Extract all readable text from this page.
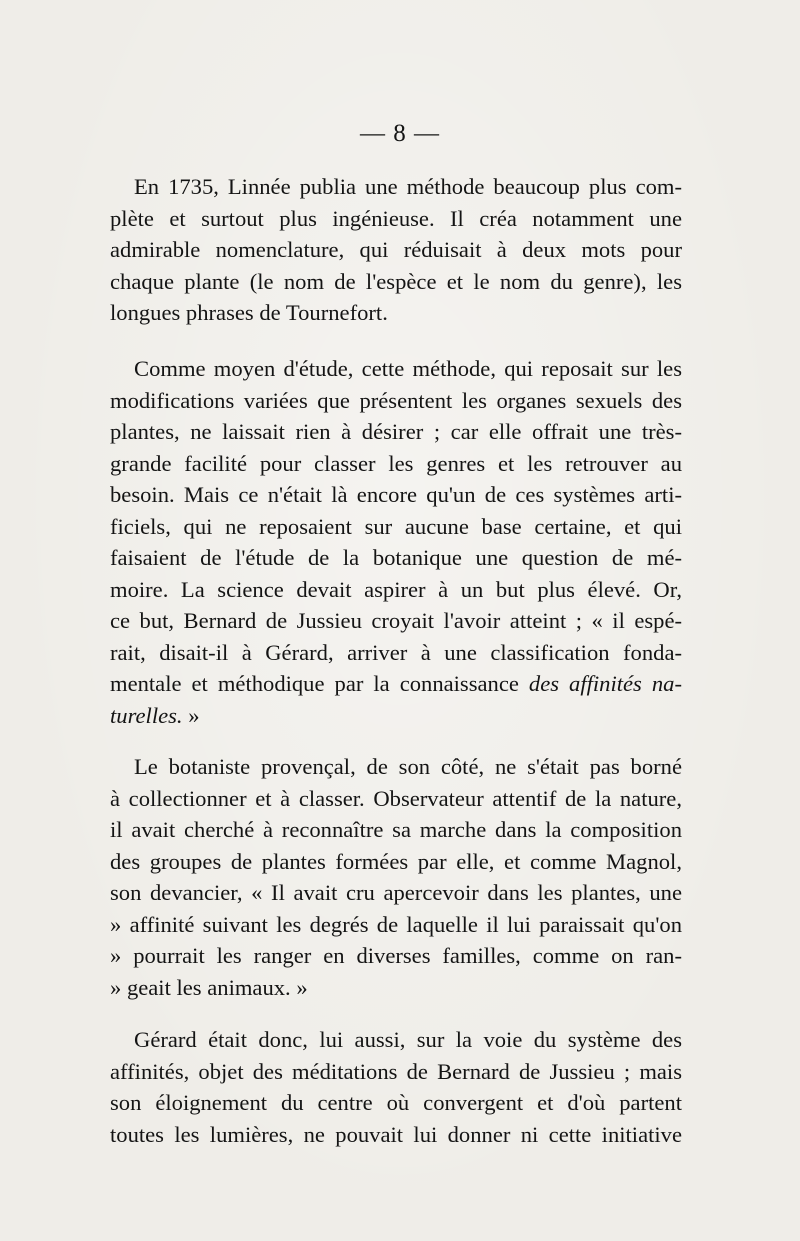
— 8 —
En 1735, Linnée publia une méthode beaucoup plus com-
plète et surtout plus ingénieuse. Il créa notamment une
admirable nomenclature, qui réduisait à deux mots pour
chaque plante (le nom de l'espèce et le nom du genre), les
longues phrases de Tournefort.
Comme moyen d'étude, cette méthode, qui reposait sur les
modifications variées que présentent les organes sexuels des
plantes, ne laissait rien à désirer ; car elle offrait une très-
grande facilité pour classer les genres et les retrouver au
besoin. Mais ce n'était là encore qu'un de ces systèmes arti-
ficiels, qui ne reposaient sur aucune base certaine, et qui
faisaient de l'étude de la botanique une question de mé-
moire. La science devait aspirer à un but plus élevé. Or,
ce but, Bernard de Jussieu croyait l'avoir atteint ; « il espé-
rait, disait-il à Gérard, arriver à une classification fonda-
mentale et méthodique par la connaissance des affinités na-
turelles. »
Le botaniste provençal, de son côté, ne s'était pas borné
à collectionner et à classer. Observateur attentif de la nature,
il avait cherché à reconnaître sa marche dans la composition
des groupes de plantes formées par elle, et comme Magnol,
son devancier, « Il avait cru apercevoir dans les plantes, une
» affinité suivant les degrés de laquelle il lui paraissait qu'on
» pourrait les ranger en diverses familles, comme on ran-
» geait les animaux. »
Gérard était donc, lui aussi, sur la voie du système des
affinités, objet des méditations de Bernard de Jussieu ; mais
son éloignement du centre où convergent et d'où partent
toutes les lumières, ne pouvait lui donner ni cette initiative
